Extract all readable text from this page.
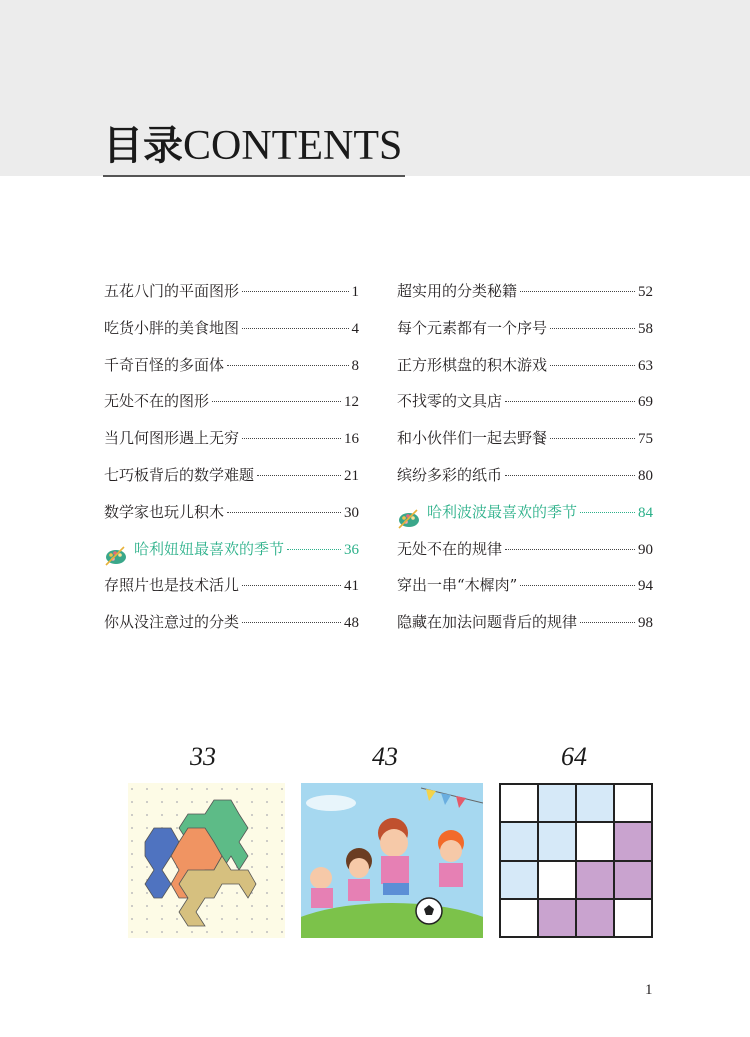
目录CONTENTS
五花八门的平面图形	1
吃货小胖的美食地图	4
千奇百怪的多面体	8
无处不在的图形	12
当几何图形遇上无穷	16
七巧板背后的数学难题	21
数学家也玩儿积木	30
哈利妞妞最喜欢的季节	36
存照片也是技术活儿	41
你从没注意过的分类	48
超实用的分类秘籍	52
每个元素都有一个序号	58
正方形棋盘的积木游戏	63
不找零的文具店	69
和小伙伴们一起去野餐	75
缤纷多彩的纸币	80
哈利波波最喜欢的季节	84
无处不在的规律	90
穿出一串“木樨肉”	94
隐藏在加法问题背后的规律	98
33	43	64
1
